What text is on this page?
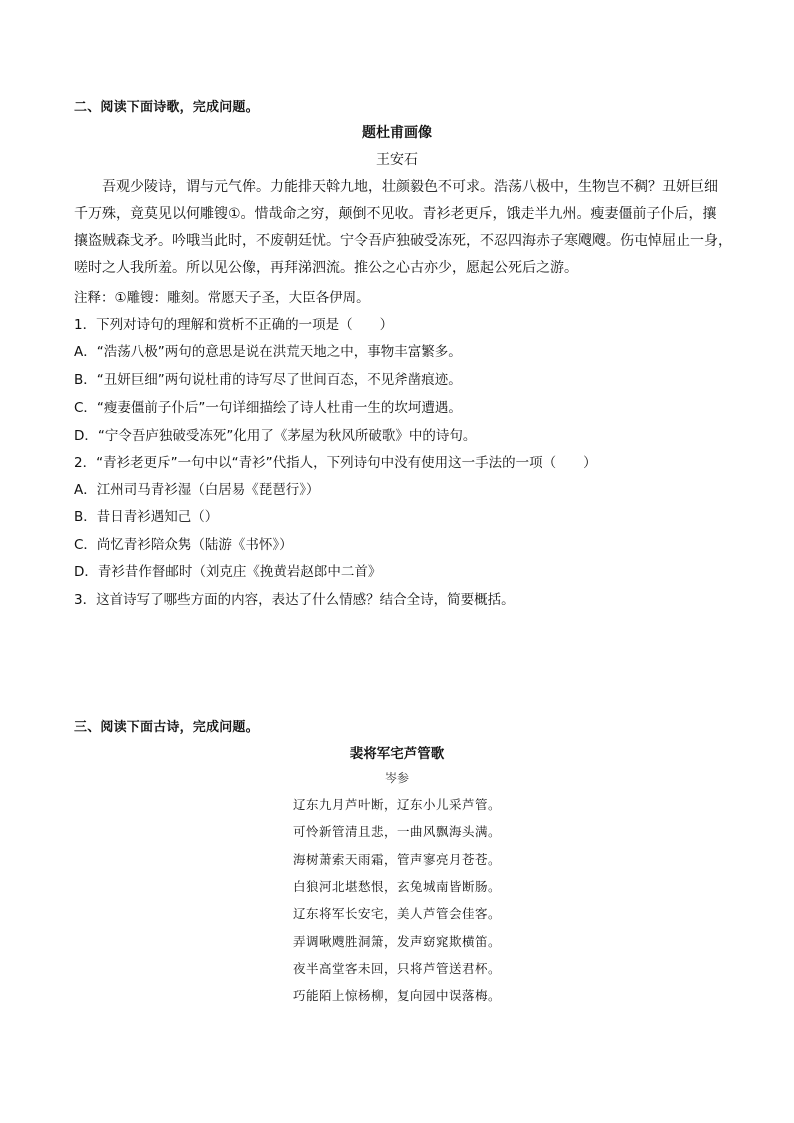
二、阅读下面诗歌，完成问题。
题杜甫画像
王安石
吾观少陵诗，谓与元气侔。力能排天斡九地，壮颜毅色不可求。浩荡八极中，生物岂不稠？丑妍巨细
千万殊，竟莫见以何雕锼①。惜哉命之穷，颠倒不见收。青衫老更斥，饿走半九州。瘦妻僵前子仆后，攘
攘盗贼森戈矛。吟哦当此时，不废朝廷忧。宁令吾庐独破受冻死，不忍四海赤子寒飕飕。伤屯悼屈止一身，
嗟时之人我所羞。所以见公像，再拜涕泗流。推公之心古亦少，愿起公死后之游。
注释：①雕锼：雕刻。常愿天子圣，大臣各伊周。
1．下列对诗句的理解和赏析不正确的一项是（　　）
A．“浩荡八极”两句的意思是说在洪荒天地之中，事物丰富繁多。
B．“丑妍巨细”两句说杜甫的诗写尽了世间百态，不见斧凿痕迹。
C．“瘦妻僵前子仆后”一句详细描绘了诗人杜甫一生的坎坷遭遇。
D．“宁令吾庐独破受冻死”化用了《茅屋为秋风所破歌》中的诗句。
2．“青衫老更斥”一句中以“青衫”代指人，下列诗句中没有使用这一手法的一项（　　）
A．江州司马青衫湿（白居易《琵琶行》）
B．昔日青衫遇知己（）
C．尚忆青衫陪众隽（陆游《书怀》）
D．青衫昔作督邮时（刘克庄《挽黄岩赵郎中二首》
3．这首诗写了哪些方面的内容，表达了什么情感？结合全诗，简要概括。
三、阅读下面古诗，完成问题。
裴将军宅芦管歌
岑参
辽东九月芦叶断，辽东小儿采芦管。
可怜新管清且悲，一曲风飘海头满。
海树萧索天雨霜，管声寥亮月苍苍。
白狼河北堪愁恨，玄兔城南皆断肠。
辽东将军长安宅，美人芦管会佳客。
弄调啾飕胜洞箫，发声窈窕欺横笛。
夜半高堂客未回，只将芦管送君杯。
巧能陌上惊杨柳，复向园中误落梅。
